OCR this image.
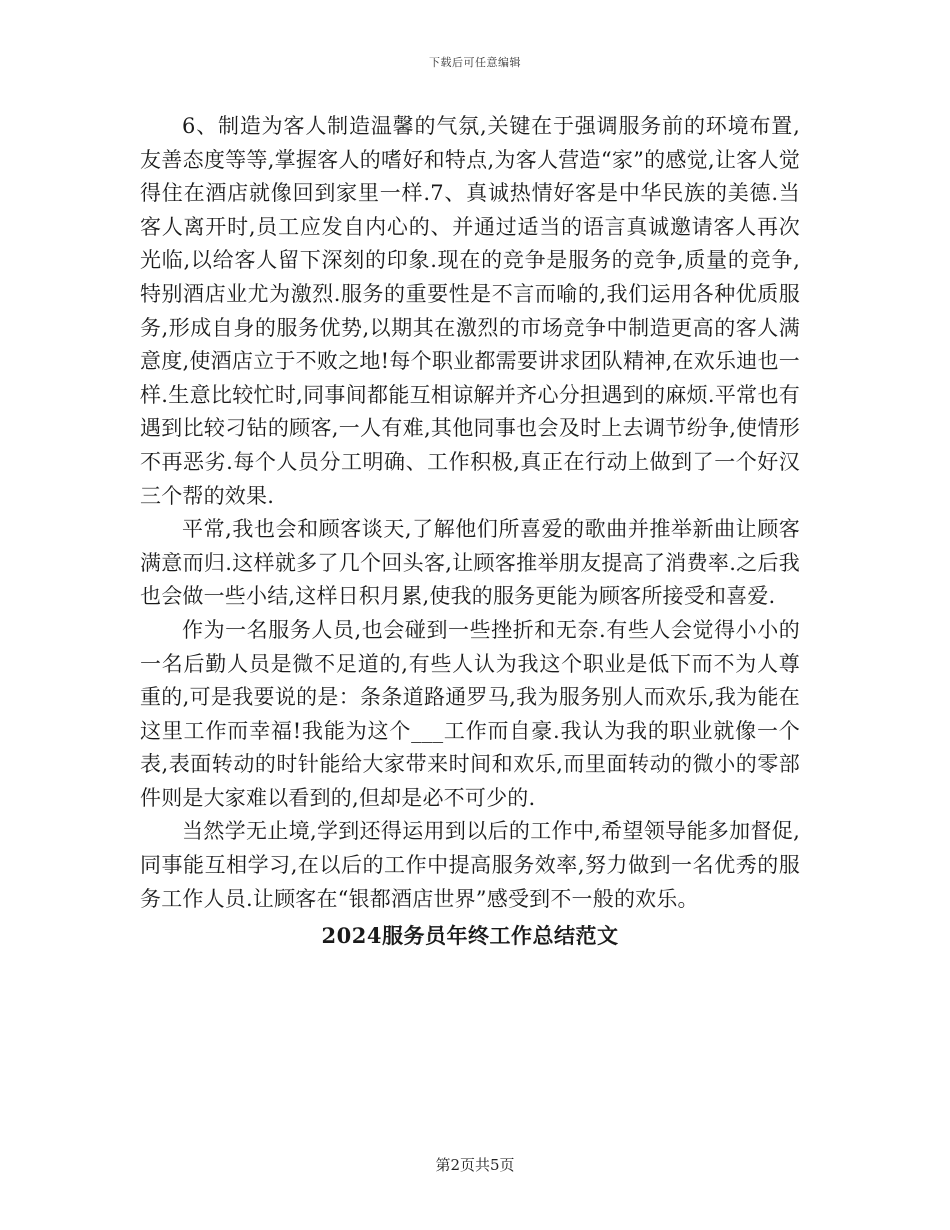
下载后可任意编辑

6、制造为客人制造温馨的气氛,关键在于强调服务前的环境布置,友善态度等等,掌握客人的嗜好和特点,为客人营造“家”的感觉,让客人觉得住在酒店就像回到家里一样.7、真诚热情好客是中华民族的美德.当客人离开时,员工应发自内心的、并通过适当的语言真诚邀请客人再次光临,以给客人留下深刻的印象.现在的竞争是服务的竞争,质量的竞争,特别酒店业尤为激烈.服务的重要性是不言而喻的,我们运用各种优质服务,形成自身的服务优势,以期其在激烈的市场竞争中制造更高的客人满意度,使酒店立于不败之地!每个职业都需要讲求团队精神,在欢乐迪也一样.生意比较忙时,同事间都能互相谅解并齐心分担遇到的麻烦.平常也有遇到比较刁钻的顾客,一人有难,其他同事也会及时上去调节纷争,使情形不再恶劣.每个人员分工明确、工作积极,真正在行动上做到了一个好汉三个帮的效果.

平常,我也会和顾客谈天,了解他们所喜爱的歌曲并推举新曲让顾客满意而归.这样就多了几个回头客,让顾客推举朋友提高了消费率.之后我也会做一些小结,这样日积月累,使我的服务更能为顾客所接受和喜爱.

作为一名服务人员,也会碰到一些挫折和无奈.有些人会觉得小小的一名后勤人员是微不足道的,有些人认为我这个职业是低下而不为人尊重的,可是我要说的是：条条道路通罗马,我为服务别人而欢乐,我为能在这里工作而幸福!我能为这个___工作而自豪.我认为我的职业就像一个表,表面转动的时针能给大家带来时间和欢乐,而里面转动的微小的零部件则是大家难以看到的,但却是必不可少的.

当然学无止境,学到还得运用到以后的工作中,希望领导能多加督促,同事能互相学习,在以后的工作中提高服务效率,努力做到一名优秀的服务工作人员.让顾客在“银都酒店世界”感受到不一般的欢乐。

2024服务员年终工作总结范文
第2页共5页
